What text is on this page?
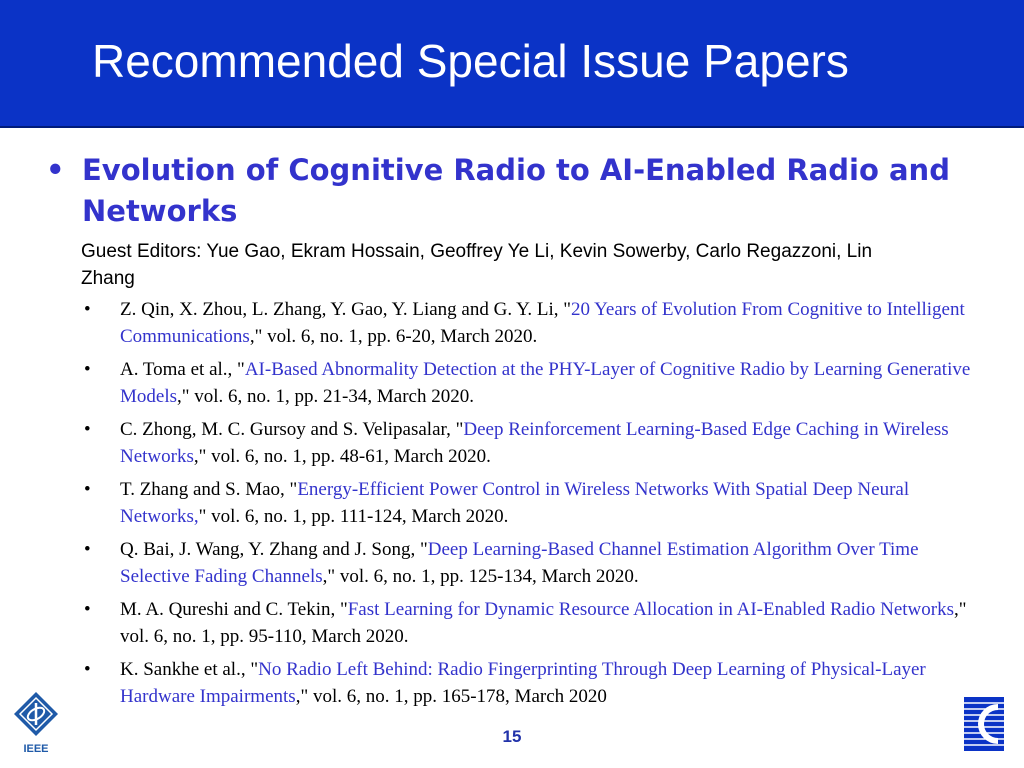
Recommended Special Issue Papers
• Evolution of Cognitive Radio to AI-Enabled Radio and Networks
Guest Editors: Yue Gao, Ekram Hossain, Geoffrey Ye Li, Kevin Sowerby, Carlo Regazzoni, Lin Zhang
• Z. Qin, X. Zhou, L. Zhang, Y. Gao, Y. Liang and G. Y. Li, "20 Years of Evolution From Cognitive to Intelligent Communications," vol. 6, no. 1, pp. 6-20, March 2020.
• A. Toma et al., "AI-Based Abnormality Detection at the PHY-Layer of Cognitive Radio by Learning Generative Models," vol. 6, no. 1, pp. 21-34, March 2020.
• C. Zhong, M. C. Gursoy and S. Velipasalar, "Deep Reinforcement Learning-Based Edge Caching in Wireless Networks," vol. 6, no. 1, pp. 48-61, March 2020.
• T. Zhang and S. Mao, "Energy-Efficient Power Control in Wireless Networks With Spatial Deep Neural Networks," vol. 6, no. 1, pp. 111-124, March 2020.
• Q. Bai, J. Wang, Y. Zhang and J. Song, "Deep Learning-Based Channel Estimation Algorithm Over Time Selective Fading Channels," vol. 6, no. 1, pp. 125-134, March 2020.
• M. A. Qureshi and C. Tekin, "Fast Learning for Dynamic Resource Allocation in AI-Enabled Radio Networks," vol. 6, no. 1, pp. 95-110, March 2020.
• K. Sankhe et al., "No Radio Left Behind: Radio Fingerprinting Through Deep Learning of Physical-Layer Hardware Impairments," vol. 6, no. 1, pp. 165-178, March 2020
IEEE
15
